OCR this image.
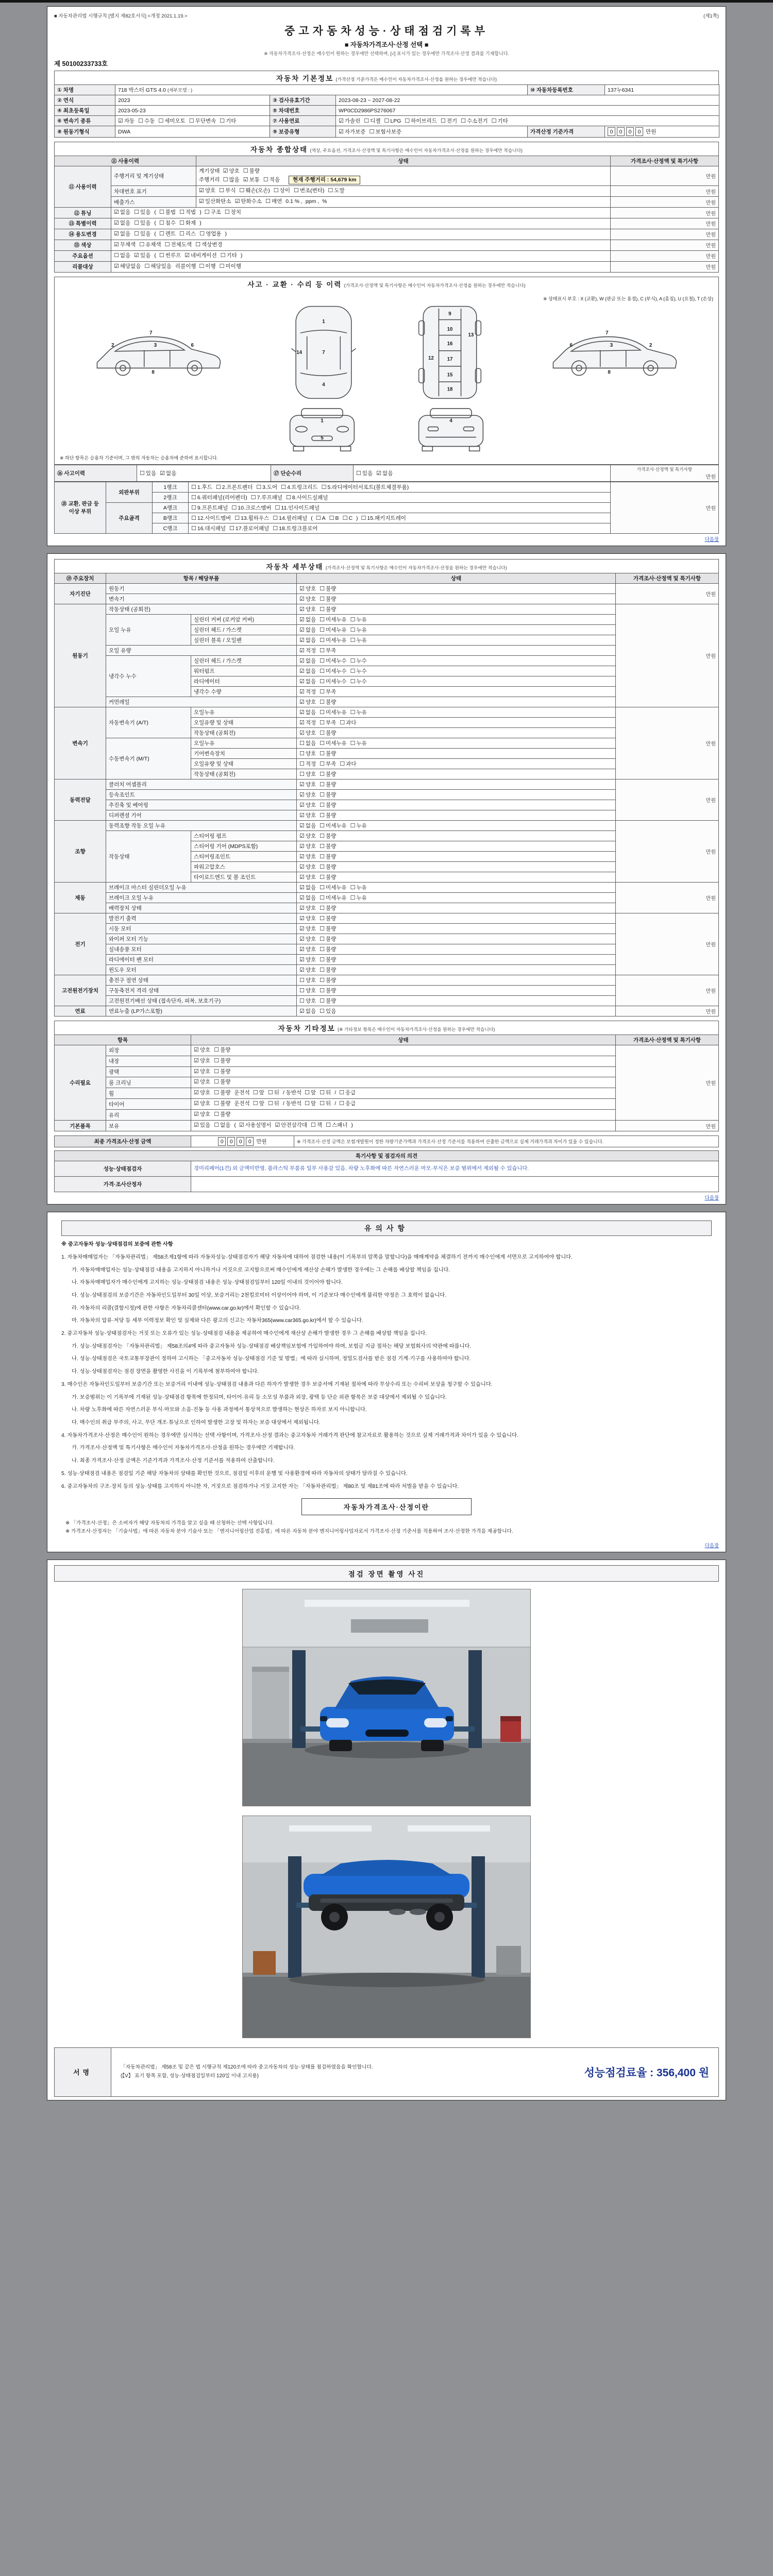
■ 자동차관리법 시행규칙 [별지 제82호서식] <개정 2021.1.19.>	(제1쪽)
중고자동차성능·상태점검기록부
■ 자동차가격조사·산정 선택 ■
※ 자동차가격조사·산정은 매수인이 원하는 경우에만 선택하며, [√] 표시가 있는 경우에만 가격조사·산정 결과를 기재합니다.
제 50100233733호
자동차 기본정보 (가격산정 기준가격은 매수인이 자동차가격조사·산정을 원하는 경우에만 적습니다)
① 차명	718 박스터 GTS 4.0 (세부모델 : )			⑩ 자동차등록번호	137누6341
② 연식	2023	③ 검사유효기간	2023-08-23 ~ 2027-08-22		
④ 최초등록일	2023-05-23	⑤ 차대번호	WP0CD2986PS276067		
⑥ 변속기 종류	☑ 자동 ☐ 수동 ☐ 세미오토 ☐ 무단변속 ☐ 기타	⑦ 사용연료	☑ 가솔린 ☐ 디젤 ☐ LPG ☐ 하이브리드 ☐ 전기 ☐ 수소전기 ☐ 기타		
⑧ 원동기형식	DWA	⑨ 보증유형	☑ 자가보증 ☐ 보험사보증	가격산정 기준가격	0 0 0 0 만원
자동차 종합상태 (색상, 주요옵션, 가격조사·산정액 및 특기사항은 매수인이 자동차가격조사·산정을 원하는 경우에만 적습니다)
⑪ 사용이력		상태	가격조사·산정액 및 특기사항
⑪ 사용이력	주행거리 및 계기상태	계기상태 ☑ 양호 ☐ 불량
주행거리 ☐ 많음 ☑ 보통 ☐ 적음 현재 주행거리 : 54,679 km	만원
	차대번호 표기	☑ 양호 ☐ 부식 ☐ 훼손(오손) ☐ 상이 ☐ 변조(변타) ☐ 도말	만원
	배출가스	☑ 일산화탄소 ☑ 탄화수소 ☐ 매연 0.1 % , ppm , %	만원
⑫ 튜닝	☑ 없음 ☐ 있음 ( ☐ 불법 ☐ 적법 ) ☐ 구조 ☐ 장치		만원
⑬ 특별이력	☑ 없음 ☐ 있음 ( ☐ 침수 ☐ 화재 )		만원
⑭ 용도변경	☑ 없음 ☐ 있음 ( ☐ 렌트 ☐ 리스 ☐ 영업용 )		만원
⑮ 색상	☑ 무채색 ☐ 유채색 ☐ 전체도색 ☐ 색상변경		만원
주요옵션	☐ 없음 ☑ 있음 ( ☐ 썬루프 ☑ 네비게이션 ☐ 기타 )		만원
리콜대상	☑ 해당없음 ☐ 해당있음 리콜이행 ☐ 이행 ☐ 미이행		만원
사고 · 교환 · 수리 등 이력 (가격조사·산정액 및 특기사항은 매수인이 자동차가격조사·산정을 원하는 경우에만 적습니다)
※ 상태표시 부호 : X (교환), W (판금 또는 용접), C (부식), A (흠집), U (요철), T (손상)
7
2	3	6
8
1
7
4
14
9
10
16
12	17
13
15
18
7
6	3	2
8
1
5
4
※ 하단 항목은 승용차 기준이며, 그 밖의 자동차는 승용차에 준하여 표시합니다.
⑯ 사고이력	☐ 있음 ☑ 없음	⑰ 단순수리	☐ 있음 ☑ 없음	
가격조사·산정액 및 특기사항
만원
⑱ 교환, 판금 등 이상 부위	외판부위	1랭크	☐ 1.후드 ☐ 2.프론트펜더 ☐ 3.도어 ☐ 4.트렁크리드 ☐ 5.라디에이터서포트(볼트체결부품)	만원
		2랭크	☐ 6.쿼터패널(리어펜더) ☐ 7.루프패널 ☐ 8.사이드실패널	
	주요골격	A랭크	☐ 9.프론트패널 ☐ 10.크로스멤버 ☐ 11.인사이드패널	
		B랭크	☐ 12.사이드멤버 ☐ 13.휠하우스 ☐ 14.필러패널 ( ☐ A ☐ B ☐ C ) ☐ 15.패키지트레이	
		C랭크	☐ 16.대시패널 ☐ 17.플로어패널 ☐ 18.트렁크플로어	
다음장
자동차 세부상태 (가격조사·산정액 및 특기사항은 매수인이 자동차가격조사·산정을 원하는 경우에만 적습니다)
⑲ 주요장치	항목 / 해당부품		상태	가격조사·산정액 및 특기사항
자기진단	원동기		☑ 양호 ☐ 불량	만원
	변속기		☑ 양호 ☐ 불량	
원동기	작동상태 (공회전)		☑ 양호 ☐ 불량	만원
	오일 누유	실린더 커버 (로커암 커버)	☑ 없음 ☐ 미세누유 ☐ 누유	
		실린더 헤드 / 가스켓	☑ 없음 ☐ 미세누유 ☐ 누유	
		실린더 블록 / 오일팬	☑ 없음 ☐ 미세누유 ☐ 누유	
	오일 유량		☑ 적정 ☐ 부족	
	냉각수 누수	실린더 헤드 / 가스켓	☑ 없음 ☐ 미세누수 ☐ 누수	
		워터펌프	☑ 없음 ☐ 미세누수 ☐ 누수	
		라디에이터	☑ 없음 ☐ 미세누수 ☐ 누수	
		냉각수 수량	☑ 적정 ☐ 부족	
	커먼레일		☑ 양호 ☐ 불량	
변속기	자동변속기 (A/T)	오일누유	☑ 없음 ☐ 미세누유 ☐ 누유	만원
		오일유량 및 상태	☑ 적정 ☐ 부족 ☐ 과다	
		작동상태 (공회전)	☑ 양호 ☐ 불량	
	수동변속기 (M/T)	오일누유	☐ 없음 ☐ 미세누유 ☐ 누유	
		기어변속장치	☐ 양호 ☐ 불량	
		오일유량 및 상태	☐ 적정 ☐ 부족 ☐ 과다	
		작동상태 (공회전)	☐ 양호 ☐ 불량	
동력전달	클러치 어셈블리		☑ 양호 ☐ 불량	만원
	등속조인트		☑ 양호 ☐ 불량	
	추진축 및 베어링		☑ 양호 ☐ 불량	
	디퍼렌셜 기어		☑ 양호 ☐ 불량	
조향	동력조향 작동 오일 누유		☑ 없음 ☐ 미세누유 ☐ 누유	만원
	작동상태	스티어링 펌프	☑ 양호 ☐ 불량	
		스티어링 기어 (MDPS포함)	☑ 양호 ☐ 불량	
		스티어링조인트	☑ 양호 ☐ 불량	
		파워고압호스	☑ 양호 ☐ 불량	
		타이로드엔드 및 볼 조인트	☑ 양호 ☐ 불량	
제동	브레이크 마스터 실린더오일 누유		☑ 없음 ☐ 미세누유 ☐ 누유	만원
	브레이크 오일 누유		☑ 없음 ☐ 미세누유 ☐ 누유	
	배력장치 상태		☑ 양호 ☐ 불량	
전기	발전기 출력		☑ 양호 ☐ 불량	만원
	시동 모터		☑ 양호 ☐ 불량	
	와이퍼 모터 기능		☑ 양호 ☐ 불량	
	실내송풍 모터		☑ 양호 ☐ 불량	
	라디에이터 팬 모터		☑ 양호 ☐ 불량	
	윈도우 모터		☑ 양호 ☐ 불량	
고전원전기장치	충전구 절연 상태		☐ 양호 ☐ 불량	만원
	구동축전지 격리 상태		☐ 양호 ☐ 불량	
	고전원전기배선 상태 (접속단자, 피복, 보호기구)		☐ 양호 ☐ 불량	
연료	연료누출 (LP가스포함)		☑ 없음 ☐ 있음	만원
자동차 기타정보 (※ 기타정보 항목은 매수인이 자동차가격조사·산정을 원하는 경우에만 적습니다)
항목		상태	가격조사·산정액 및 특기사항
수리필요	외장	☑ 양호 ☐ 불량	만원
	내장	☑ 양호 ☐ 불량	

	광택	☑ 양호 ☐ 불량	

	룸 크리닝	☑ 양호 ☐ 불량	

	휠	☑ 양호 ☐ 불량 운전석 ☐ 앞 ☐ 뒤 / 동반석 ☐ 앞 ☐ 뒤 / ☐ 응급	

	타이어	☑ 양호 ☐ 불량 운전석 ☐ 앞 ☐ 뒤 / 동반석 ☐ 앞 ☐ 뒤 / ☐ 응급	

	유리	☑ 양호 ☐ 불량	

기본품목	보유	☑ 있음 ☐ 없음 ( ☑ 사용설명서 ☑ 안전삼각대 ☐ 잭 ☐ 스패너 )	만원
최종 가격조사·산정 금액	0 0 0 0 만원	※ 가격조사·산정 금액은 보험개발원이 정한 차량기준가액과 가격조사·산정 기준서를 적용하여 산출한 금액으로 실제 거래가격과 차이가 있을 수 있습니다.
특기사항 및 점검자의 의견	
성능·상태점검자	경미리페어(1건) 외 금액미반영. 플라스틱 부품류 일부 사용감 있음. 차량 노후화에 따른 자연스러운 마모·부식은 보증 범위에서 제외될 수 있습니다.
가격·조사산정자	
다음장
유의사항
※ 중고자동차 성능·상태점검의 보증에 관한 사항
1. 자동차매매업자는 「자동차관리법」 제58조제1항에 따라 자동차성능·상태점검자가 해당 자동차에 대하여 점검한 내용(이 기록부의 앞쪽을 말합니다)을 매매계약을 체결하기 전까지 매수인에게 서면으로 고지하여야 합니다.
가. 자동차매매업자는 성능·상태점검 내용을 고지하지 아니하거나 거짓으로 고지함으로써 매수인에게 재산상 손해가 발생한 경우에는 그 손해를 배상할 책임을 집니다.
나. 자동차매매업자가 매수인에게 고지하는 성능·상태점검 내용은 성능·상태점검일부터 120일 이내의 것이어야 합니다.
다. 성능·상태점검의 보증기간은 자동차인도일부터 30일 이상, 보증거리는 2천킬로미터 이상이어야 하며, 이 기준보다 매수인에게 불리한 약정은 그 효력이 없습니다.
라. 자동차의 리콜(결함시정)에 관한 사항은 자동차리콜센터(www.car.go.kr)에서 확인할 수 있습니다.
마. 자동차의 압류·저당 등 세부 이력정보 확인 및 실제와 다른 광고의 신고는 자동차365(www.car365.go.kr)에서 할 수 있습니다.
2. 중고자동차 성능·상태점검자는 거짓 또는 오류가 있는 성능·상태점검 내용을 제공하여 매수인에게 재산상 손해가 발생한 경우 그 손해를 배상할 책임을 집니다.
가. 성능·상태점검자는 「자동차관리법」 제58조의4에 따라 중고자동차 성능·상태점검 배상책임보험에 가입하여야 하며, 보험금 지급 절차는 해당 보험회사의 약관에 따릅니다.
나. 성능·상태점검은 국토교통부장관이 정하여 고시하는 「중고자동차 성능·상태점검 기준 및 방법」에 따라 실시하며, 정밀도검사를 받은 점검 기계·기구를 사용하여야 합니다.
다. 성능·상태점검자는 점검 장면을 촬영한 사진을 이 기록부에 첨부하여야 합니다.
3. 매수인은 자동차인도일부터 보증기간 또는 보증거리 이내에 성능·상태점검 내용과 다른 하자가 발생한 경우 보증서에 기재된 절차에 따라 무상수리 또는 수리비 보상을 청구할 수 있습니다.
가. 보증범위는 이 기록부에 기재된 성능·상태점검 항목에 한정되며, 타이어·유리 등 소모성 부품과 외장, 광택 등 단순 외관 항목은 보증 대상에서 제외될 수 있습니다.
나. 차량 노후화에 따른 자연스러운 부식·마모와 소음·진동 등 사용 과정에서 통상적으로 발생하는 현상은 하자로 보지 아니합니다.
다. 매수인의 취급 부주의, 사고, 무단 개조·튜닝으로 인하여 발생한 고장 및 하자는 보증 대상에서 제외됩니다.
4. 자동차가격조사·산정은 매수인이 원하는 경우에만 실시하는 선택 사항이며, 가격조사·산정 결과는 중고자동차 거래가격 판단에 참고자료로 활용하는 것으로 실제 거래가격과 차이가 있을 수 있습니다.
가. 가격조사·산정액 및 특기사항은 매수인이 자동차가격조사·산정을 원하는 경우에만 기재합니다.
나. 최종 가격조사·산정 금액은 기준가격과 가격조사·산정 기준서를 적용하여 산출합니다.
5. 성능·상태점검 내용은 점검일 기준 해당 자동차의 상태를 확인한 것으로, 점검일 이후의 운행 및 사용환경에 따라 자동차의 상태가 달라질 수 있습니다.
6. 중고자동차의 구조·장치 등의 성능·상태를 고지하지 아니한 자, 거짓으로 점검하거나 거짓 고지한 자는 「자동차관리법」 제80조 및 제81조에 따라 처벌을 받을 수 있습니다.
자동차가격조사·산정이란
※ 「가격조사·산정」은 소비자가 해당 자동차의 가격을 알고 싶을 때 신청하는 선택 사항입니다.
※ 가격조사·산정자는 「기술사법」에 따른 자동차 분야 기술사 또는 「엔지니어링산업 진흥법」에 따른 자동차 분야 엔지니어링사업자로서 가격조사·산정 기준서를 적용하여 조사·산정한 가격을 제공합니다.
다음장
점검 장면 촬영 사진
서명
「자동차관리법」 제58조 및 같은 법 시행규칙 제120조에 따라 중고자동차의 성능·상태를 점검하였음을 확인합니다.
(【V】 표기 항목 포함, 성능·상태점검일부터 120일 이내 고지용)	성능점검료율 : 356,400 원
